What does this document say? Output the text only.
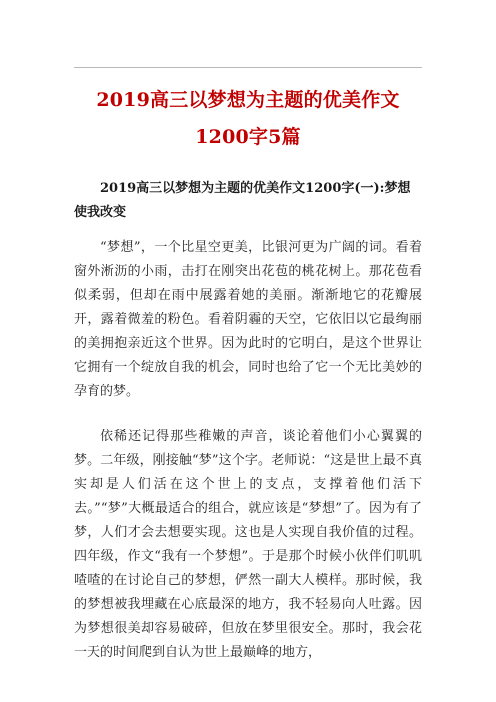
2019高三以梦想为主题的优美作文1200字5篇
2019高三以梦想为主题的优美作文1200字(一):梦想使我改变

“梦想”，一个比星空更美，比银河更为广阔的词。看着窗外淅沥的小雨，击打在刚突出花苞的桃花树上。那花苞看似柔弱，但却在雨中展露着她的美丽。渐渐地它的花瓣展开，露着微羞的粉色。看着阴霾的天空，它依旧以它最绚丽的美拥抱亲近这个世界。因为此时的它明白，是这个世界让它拥有一个绽放自我的机会，同时也给了它一个无比美妙的孕育的梦。

依稀还记得那些稚嫩的声音，谈论着他们小心翼翼的梦。二年级，刚接触“梦”这个字。老师说：“这是世上最不真实却是人们活在这个世上的支点，支撑着他们活下去。”“梦”大概最适合的组合，就应该是“梦想”了。因为有了梦，人们才会去想要实现。这也是人实现自我价值的过程。四年级，作文“我有一个梦想”。于是那个时候小伙伴们叽叽喳喳的在讨论自己的梦想，俨然一副大人模样。那时候，我的梦想被我埋藏在心底最深的地方，我不轻易向人吐露。因为梦想很美却容易破碎，但放在梦里很安全。那时，我会花一天的时间爬到自认为世上最巅峰的地方，
